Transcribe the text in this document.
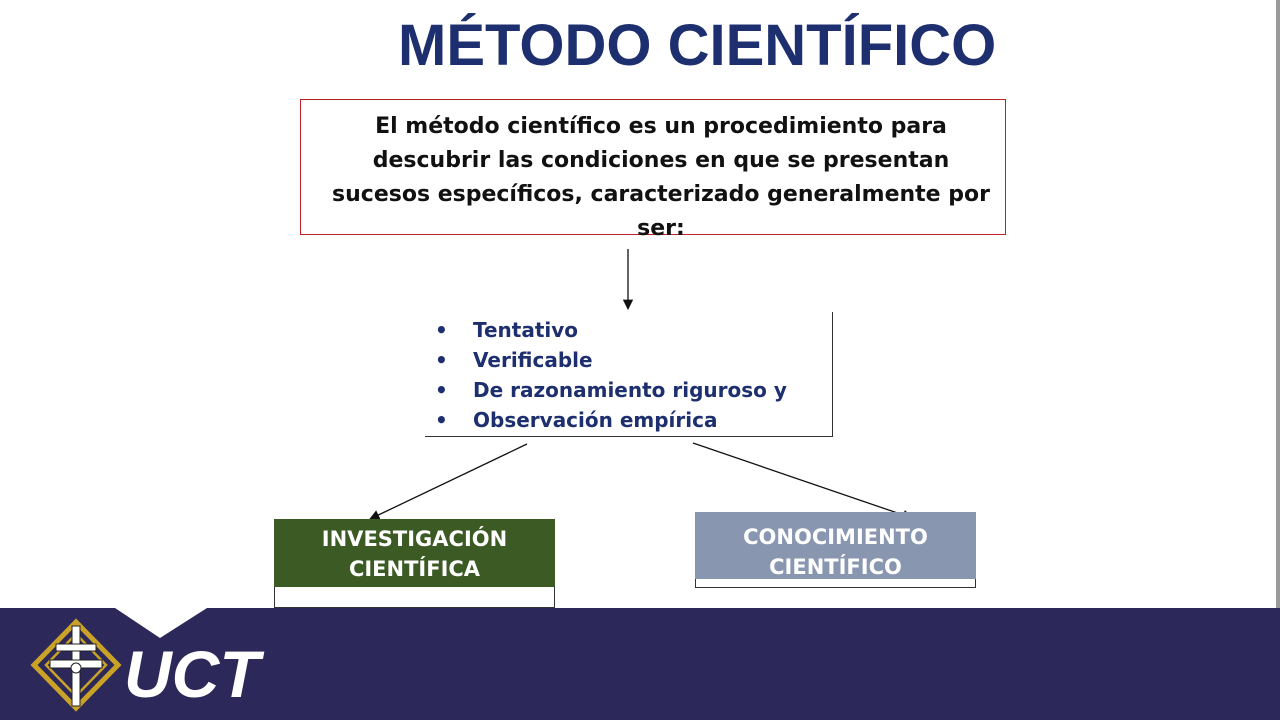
MÉTODO CIENTÍFICO
El método científico es un procedimiento para descubrir las condiciones en que se presentan sucesos específicos, caracterizado generalmente por ser:
• Tentativo
• Verificable
• De razonamiento riguroso y
• Observación empírica
INVESTIGACIÓN CIENTÍFICA
CONOCIMIENTO CIENTÍFICO
UCT
